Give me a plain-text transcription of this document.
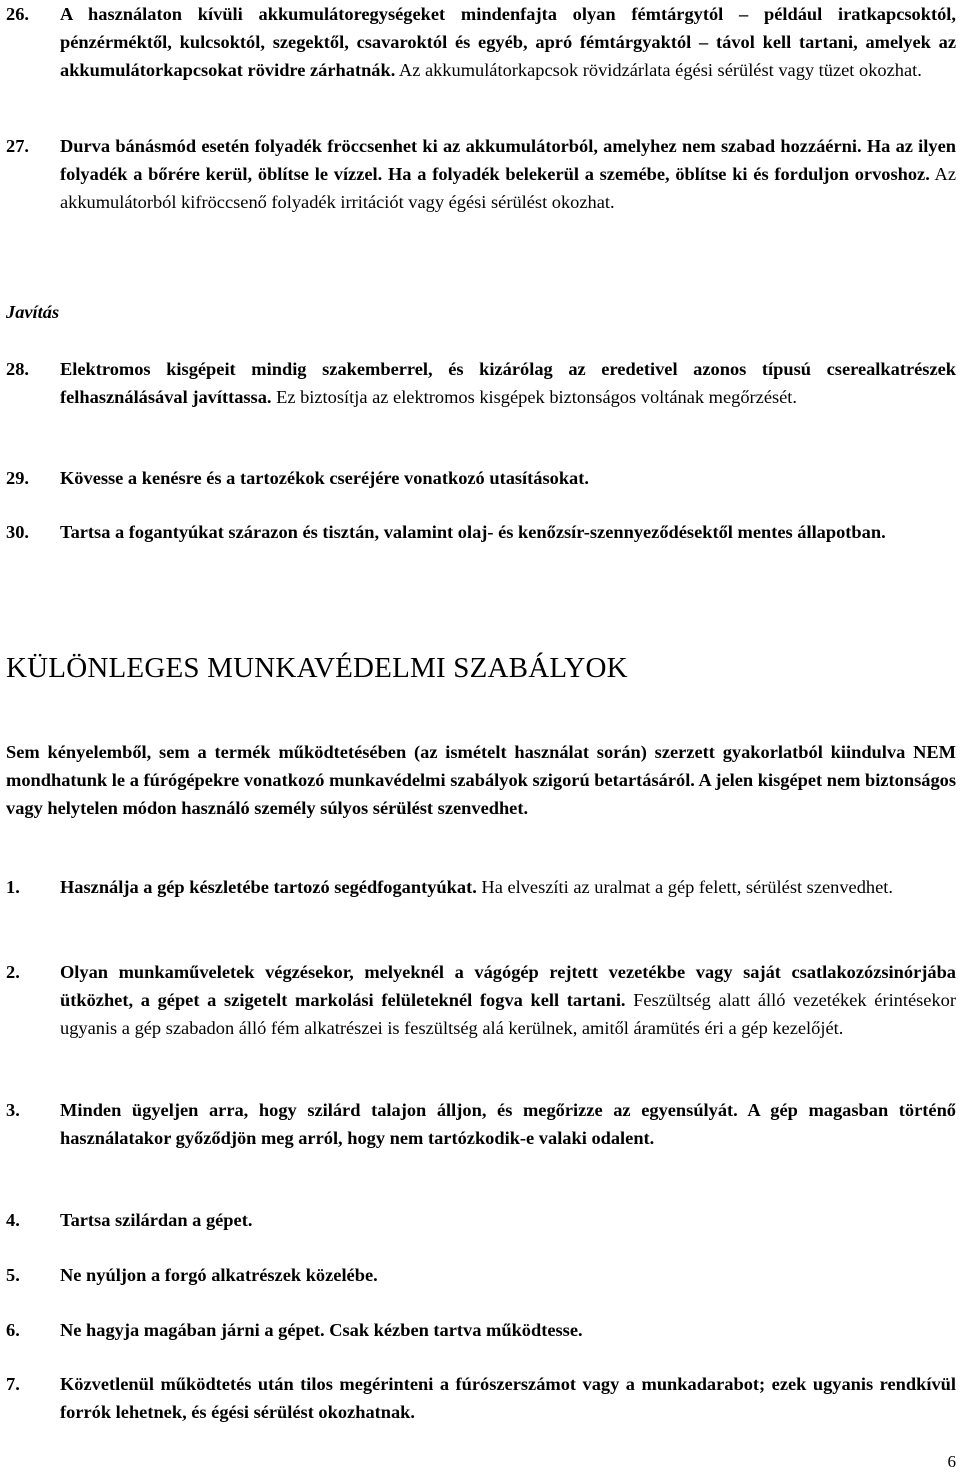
26. A használaton kívüli akkumulátoregységeket mindenfajta olyan fémtárgytól – például iratkapcsoktól, pénzérméktől, kulcsoktól, szegektől, csavaroktól és egyéb, apró fémtárgyaktól – távol kell tartani, amelyek az akkumulátorkapcsokat rövidre zárhatnák. Az akkumulátorkapcsok rövidzárlata égési sérülést vagy tüzet okozhat.
27. Durva bánásmód esetén folyadék fröccsenhet ki az akkumulátorból, amelyhez nem szabad hozzáérni. Ha az ilyen folyadék a bőrére kerül, öblítse le vízzel. Ha a folyadék belekerül a szemébe, öblítse ki és forduljon orvoshoz. Az akkumulátorból kifröccsenő folyadék irritációt vagy égési sérülést okozhat.
Javítás
28. Elektromos kisgépeit mindig szakemberrel, és kizárólag az eredetivel azonos típusú cserealkatrészek felhasználásával javíttassa. Ez biztosítja az elektromos kisgépek biztonságos voltának megőrzését.
29. Kövesse a kenésre és a tartozékok cseréjére vonatkozó utasításokat.
30. Tartsa a fogantyúkat szárazon és tisztán, valamint olaj- és kenőzsír-szennyeződésektől mentes állapotban.
KÜLÖNLEGES MUNKAVÉDELMI SZABÁLYOK
Sem kényelemből, sem a termék működtetésében (az ismételt használat során) szerzett gyakorlatból kiindulva NEM mondhatunk le a fúrógépekre vonatkozó munkavédelmi szabályok szigorú betartásáról. A jelen kisgépet nem biztonságos vagy helytelen módon használó személy súlyos sérülést szenvedhet.
1. Használja a gép készletébe tartozó segédfogantyúkat. Ha elveszíti az uralmat a gép felett, sérülést szenvedhet.
2. Olyan munkaműveletek végzésekor, melyeknél a vágógép rejtett vezetékbe vagy saját csatlakozózsinórjába ütközhet, a gépet a szigetelt markolási felületeknél fogva kell tartani. Feszültség alatt álló vezetékek érintésekor ugyanis a gép szabadon álló fém alkatrészei is feszültség alá kerülnek, amitől áramütés éri a gép kezelőjét.
3. Minden ügyeljen arra, hogy szilárd talajon álljon, és megőrizze az egyensúlyát. A gép magasban történő használatakor győződjön meg arról, hogy nem tartózkodik-e valaki odalent.
4. Tartsa szilárdan a gépet.
5. Ne nyúljon a forgó alkatrészek közelébe.
6. Ne hagyja magában járni a gépet. Csak kézben tartva működtesse.
7. Közvetlenül működtetés után tilos megérinteni a fúrószerszámot vagy a munkadarabot; ezek ugyanis rendkívül forrók lehetnek, és égési sérülést okozhatnak.
6
